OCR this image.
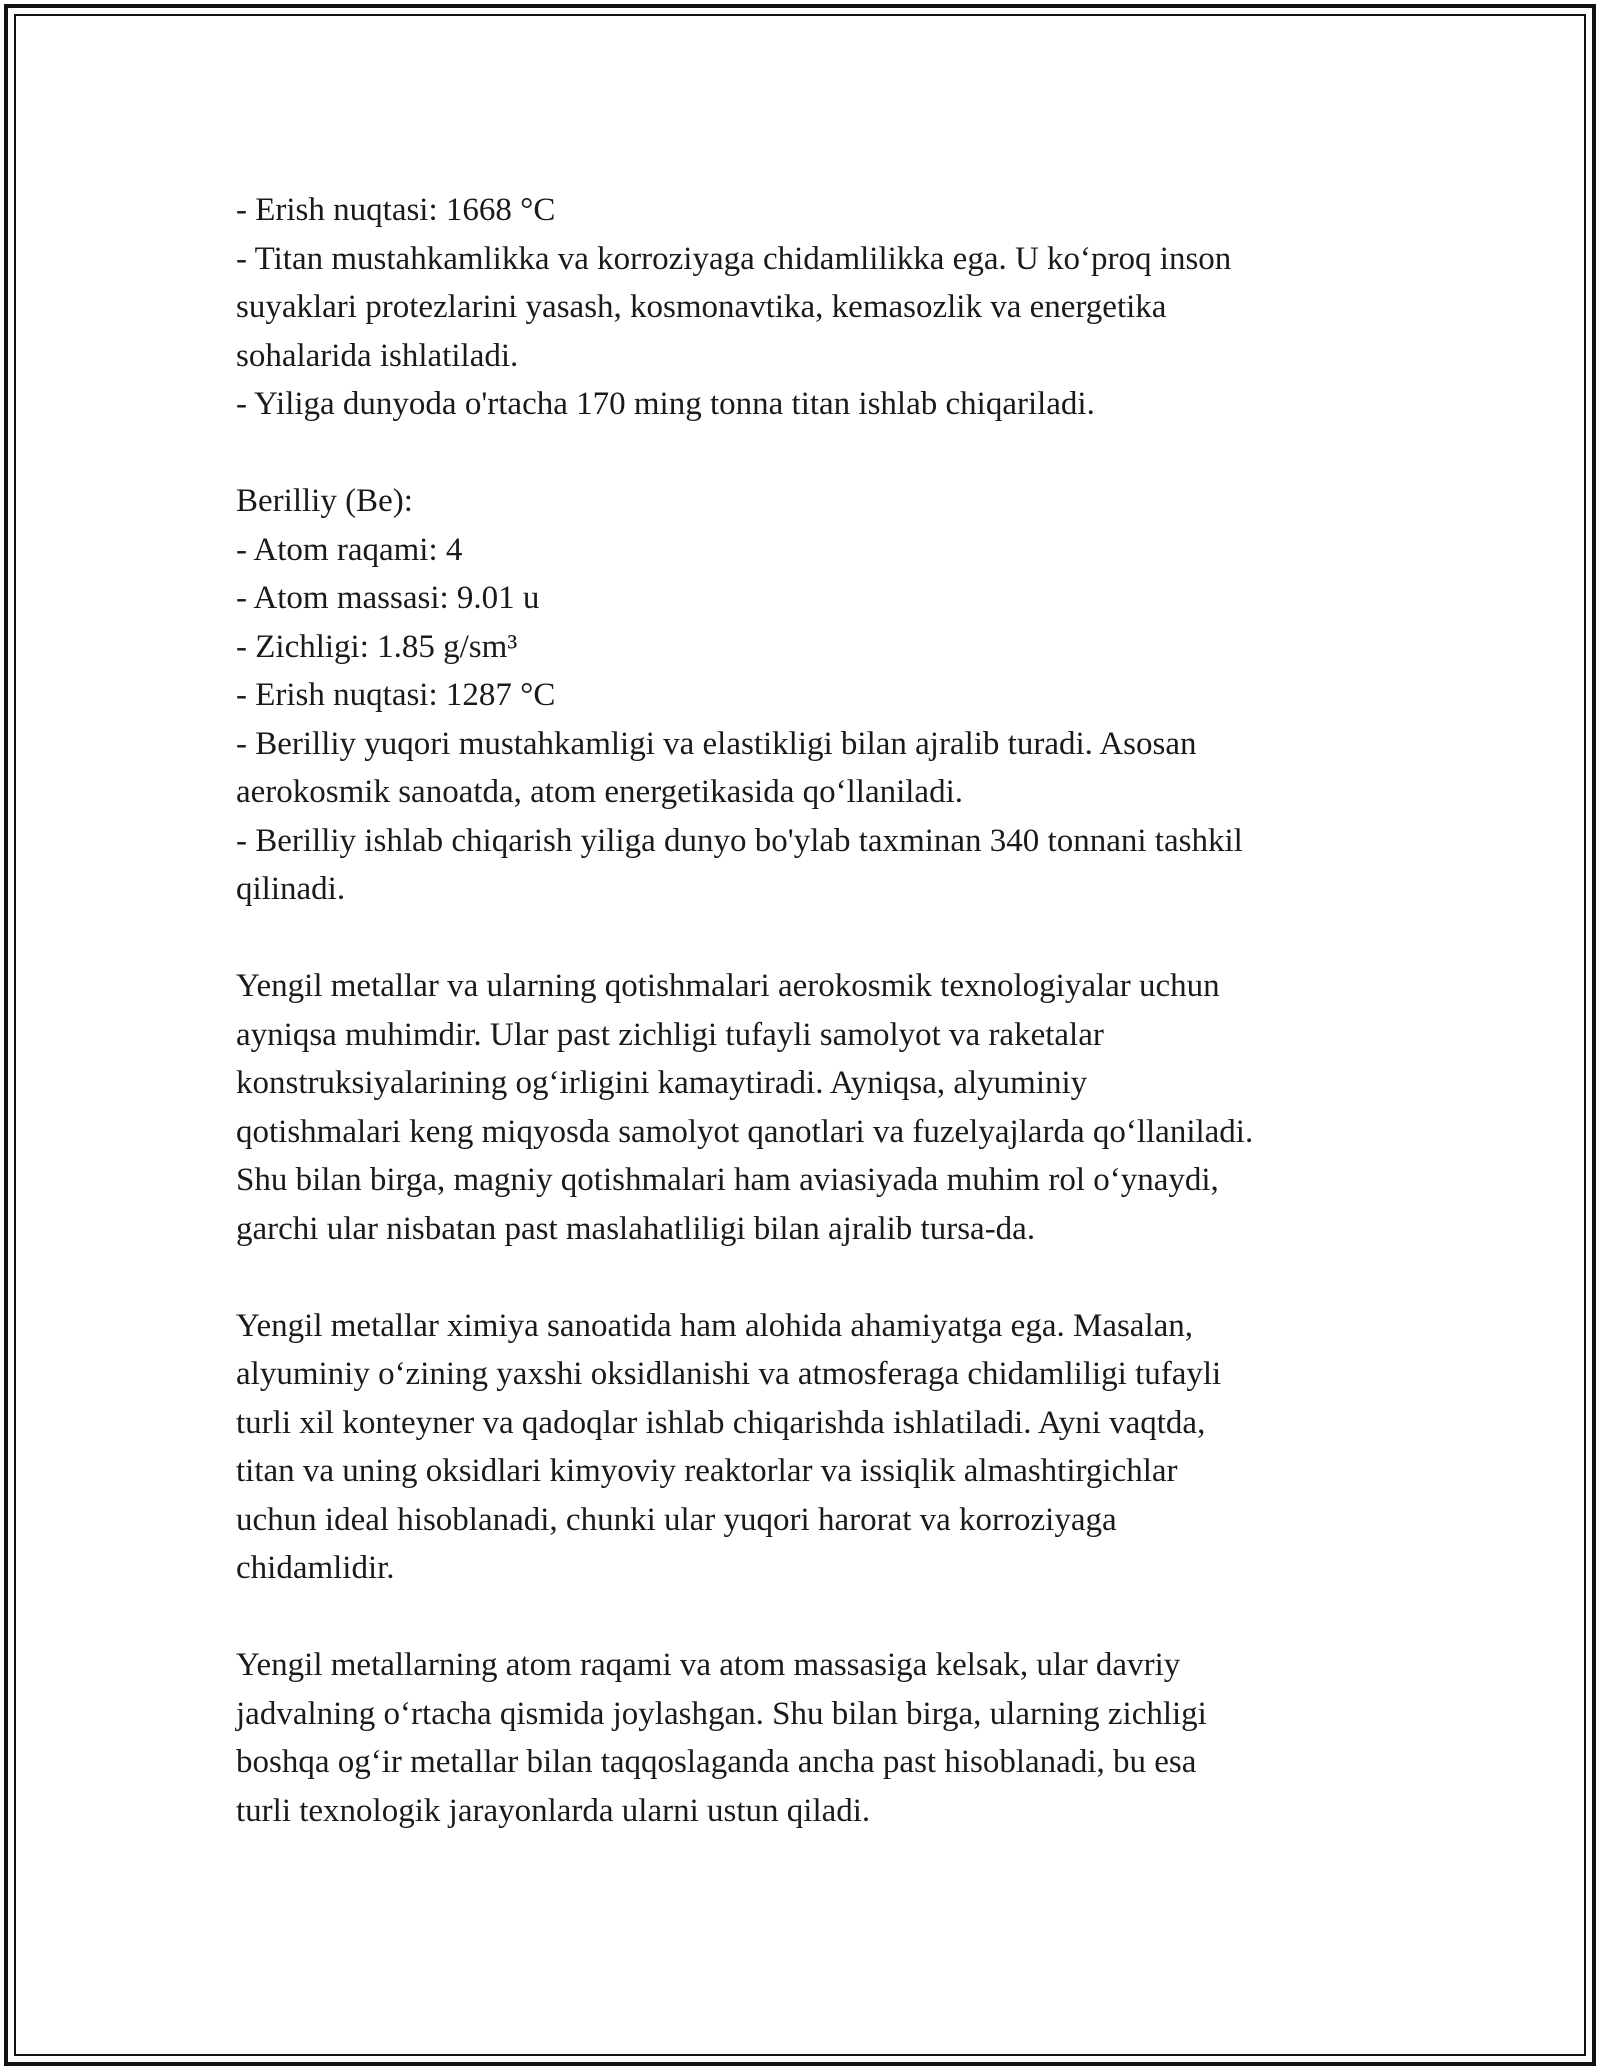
- Erish nuqtasi: 1668 °C
- Titan mustahkamlikka va korroziyaga chidamlilikka ega. U ko‘proq inson
suyaklari protezlarini yasash, kosmonavtika, kemasozlik va energetika
sohalarida ishlatiladi.
- Yiliga dunyoda o'rtacha 170 ming tonna titan ishlab chiqariladi.
Berilliy (Be):
- Atom raqami: 4
- Atom massasi: 9.01 u
- Zichligi: 1.85 g/sm³
- Erish nuqtasi: 1287 °C
- Berilliy yuqori mustahkamligi va elastikligi bilan ajralib turadi. Asosan
aerokosmik sanoatda, atom energetikasida qo‘llaniladi.
- Berilliy ishlab chiqarish yiliga dunyo bo'ylab taxminan 340 tonnani tashkil
qilinadi.
Yengil metallar va ularning qotishmalari aerokosmik texnologiyalar uchun
ayniqsa muhimdir. Ular past zichligi tufayli samolyot va raketalar
konstruksiyalarining og‘irligini kamaytiradi. Ayniqsa, alyuminiy
qotishmalari keng miqyosda samolyot qanotlari va fuzelyajlarda qo‘llaniladi.
Shu bilan birga, magniy qotishmalari ham aviasiyada muhim rol o‘ynaydi,
garchi ular nisbatan past maslahatliligi bilan ajralib tursa-da.
Yengil metallar ximiya sanoatida ham alohida ahamiyatga ega. Masalan,
alyuminiy o‘zining yaxshi oksidlanishi va atmosferaga chidamliligi tufayli
turli xil konteyner va qadoqlar ishlab chiqarishda ishlatiladi. Ayni vaqtda,
titan va uning oksidlari kimyoviy reaktorlar va issiqlik almashtirgichlar
uchun ideal hisoblanadi, chunki ular yuqori harorat va korroziyaga
chidamlidir.
Yengil metallarning atom raqami va atom massasiga kelsak, ular davriy
jadvalning o‘rtacha qismida joylashgan. Shu bilan birga, ularning zichligi
boshqa og‘ir metallar bilan taqqoslaganda ancha past hisoblanadi, bu esa
turli texnologik jarayonlarda ularni ustun qiladi.
